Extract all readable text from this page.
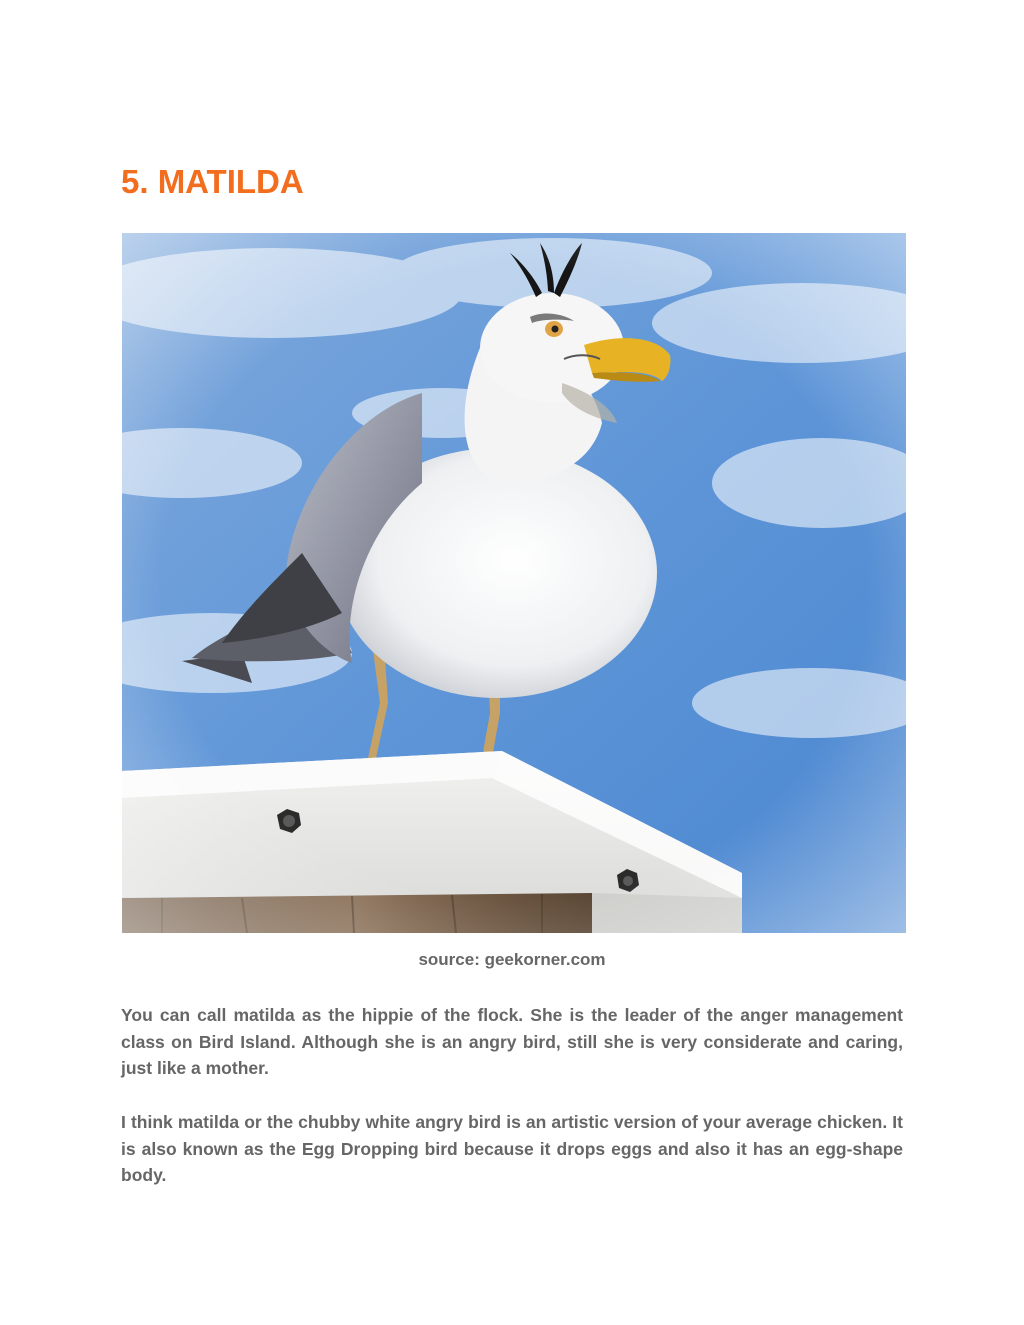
5. MATILDA
source: geekorner.com

You can call matilda as the hippie of the flock. She is the leader of the anger management class on Bird Island. Although she is an angry bird, still she is very considerate and caring, just like a mother.

I think matilda or the chubby white angry bird is an artistic version of your average chicken. It is also known as the Egg Dropping bird because it drops eggs and also it has an egg-shape body.
